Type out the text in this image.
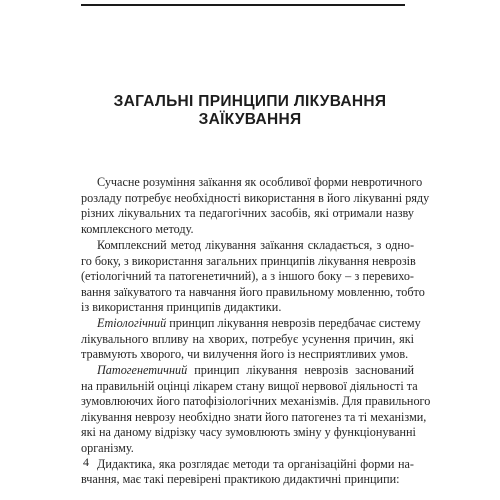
ЗАГАЛЬНІ ПРИНЦИПИ ЛІКУВАННЯ
ЗАЇКУВАННЯ
Сучасне розуміння заїкання як особливої форми невротичного
розладу потребує необхідності використання в його лікуванні ряду
різних лікувальних та педагогічних засобів, які отримали назву
комплексного методу.
Комплексний метод лікування заїкання складається, з одно-
го боку, з використання загальних принципів лікування неврозів
(етіологічний та патогенетичний), а з іншого боку – з перевихо-
вання заїкуватого та навчання його правильному мовленню, тобто
із використання принципів дидактики.
Етіологічний принцип лікування неврозів передбачає систему
лікувального впливу на хворих, потребує усунення причин, які
травмують хворого, чи вилучення його із несприятливих умов.
Патогенетичний принцип лікування неврозів заснований
на правильній оцінці лікарем стану вищої нервової діяльності та
зумовлюючих його патофізіологічних механізмів. Для правильного
лікування неврозу необхідно знати його патогенез та ті механізми,
які на даному відрізку часу зумовлюють зміну у функціонуванні
організму.
Дидактика, яка розглядає методи та організаційні форми на-
вчання, має такі перевірені практикою дидактичні принципи:
4
